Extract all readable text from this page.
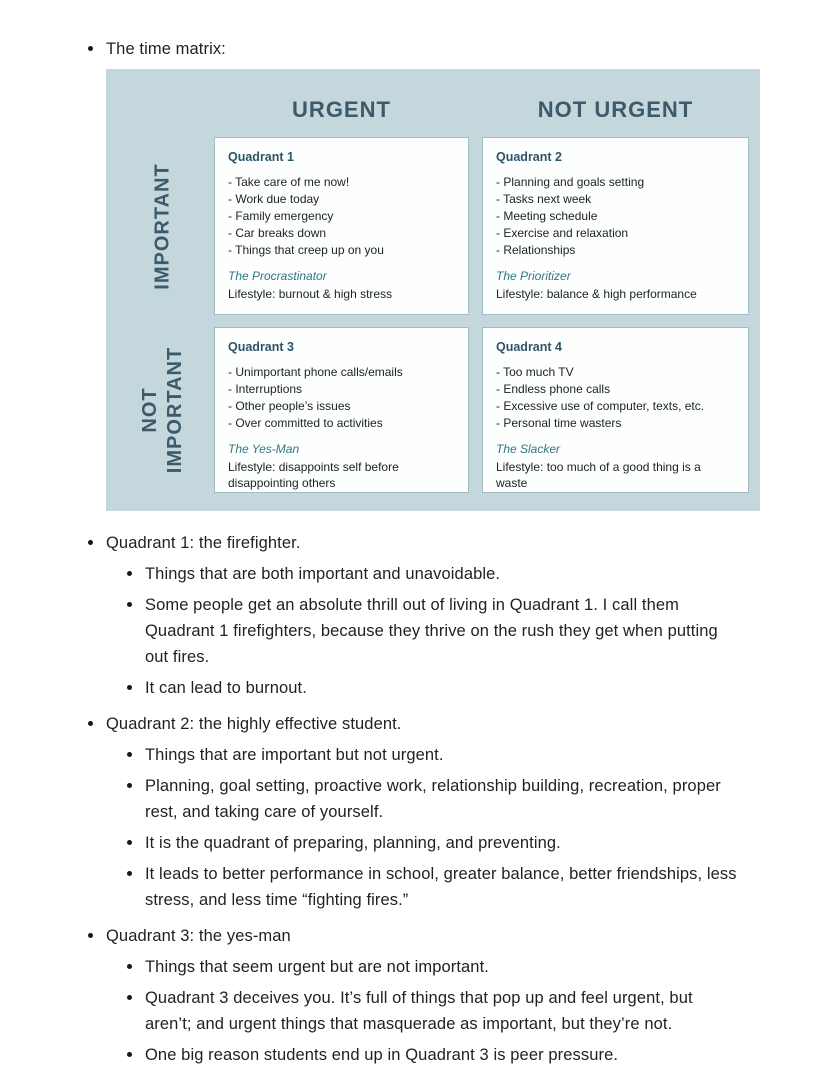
The time matrix:
URGENT	NOT URGENT
IMPORTANT
Quadrant 1
- Take care of me now!
- Work due today
- Family emergency
- Car breaks down
- Things that creep up on you
The Procrastinator
Lifestyle: burnout & high stress
Quadrant 2
- Planning and goals setting
- Tasks next week
- Meeting schedule
- Exercise and relaxation
- Relationships
The Prioritizer
Lifestyle: balance & high performance
NOT IMPORTANT	Quadrant 3
- Unimportant phone calls/emails
- Interruptions
- Other people’s issues
- Over committed to activities
The Yes-Man
Lifestyle: disappoints self before disappointing others
Quadrant 4
- Too much TV
- Endless phone calls
- Excessive use of computer, texts, etc.
- Personal time wasters
The Slacker
Lifestyle: too much of a good thing is a waste
Quadrant 1: the firefighter.
Things that are both important and unavoidable.
Some people get an absolute thrill out of living in Quadrant 1. I call them Quadrant 1 firefighters, because they thrive on the rush they get when putting out fires.
It can lead to burnout.
Quadrant 2: the highly effective student.
Things that are important but not urgent.
Planning, goal setting, proactive work, relationship building, recreation, proper rest, and taking care of yourself.
It is the quadrant of preparing, planning, and preventing.
It leads to better performance in school, greater balance, better friendships, less stress, and less time “fighting fires.”
Quadrant 3: the yes-man
Things that seem urgent but are not important.
Quadrant 3 deceives you. It’s full of things that pop up and feel urgent, but aren’t; and urgent things that masquerade as important, but they’re not.
One big reason students end up in Quadrant 3 is peer pressure.
